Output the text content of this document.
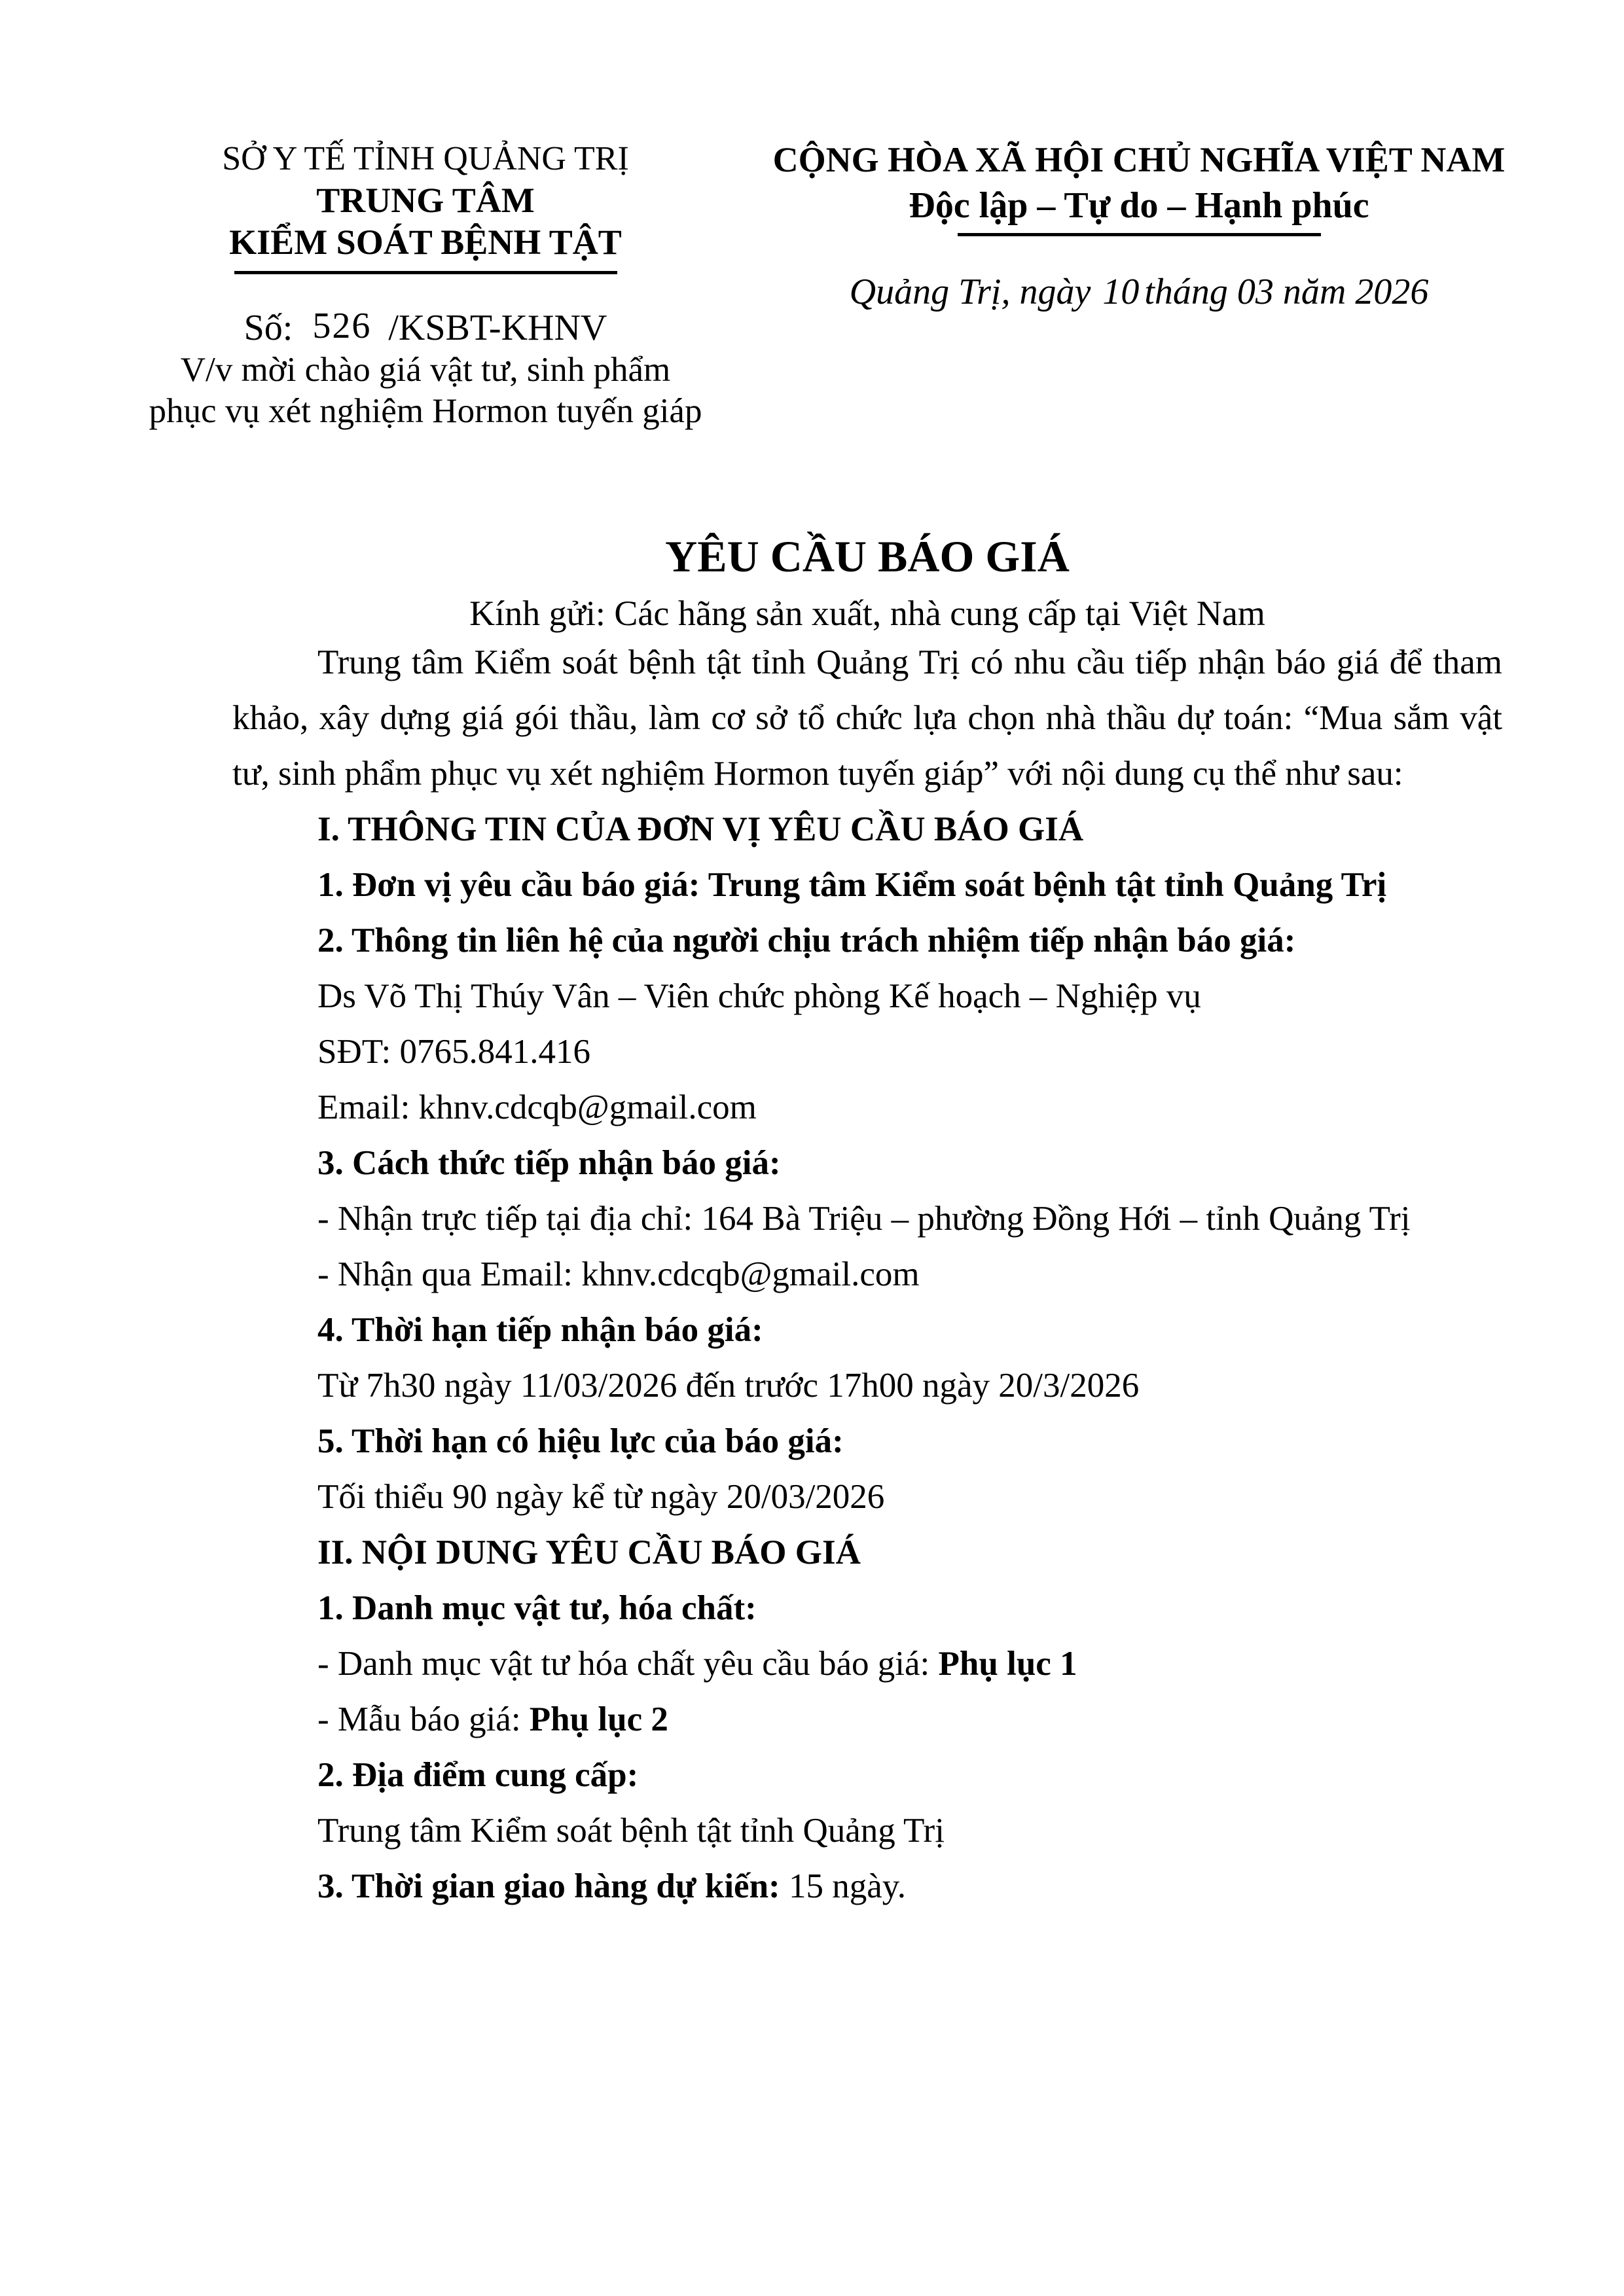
SỞ Y TẾ TỈNH QUẢNG TRỊ
TRUNG TÂM
KIỂM SOÁT BỆNH TẬT
Số: 526 /KSBT-KHNV
V/v mời chào giá vật tư, sinh phẩm
phục vụ xét nghiệm Hormon tuyến giáp
CỘNG HÒA XÃ HỘI CHỦ NGHĨA VIỆT NAM
Độc lập – Tự do – Hạnh phúc
Quảng Trị, ngày 10 tháng 03 năm 2026
YÊU CẦU BÁO GIÁ
Kính gửi: Các hãng sản xuất, nhà cung cấp tại Việt Nam

Trung tâm Kiểm soát bệnh tật tỉnh Quảng Trị có nhu cầu tiếp nhận báo giá để tham khảo, xây dựng giá gói thầu, làm cơ sở tổ chức lựa chọn nhà thầu dự toán: “Mua sắm vật tư, sinh phẩm phục vụ xét nghiệm Hormon tuyến giáp” với nội dung cụ thể như sau:

I. THÔNG TIN CỦA ĐƠN VỊ YÊU CẦU BÁO GIÁ

1. Đơn vị yêu cầu báo giá: Trung tâm Kiểm soát bệnh tật tỉnh Quảng Trị

2. Thông tin liên hệ của người chịu trách nhiệm tiếp nhận báo giá:

Ds Võ Thị Thúy Vân – Viên chức phòng Kế hoạch – Nghiệp vụ

SĐT: 0765.841.416

Email: khnv.cdcqb@gmail.com

3. Cách thức tiếp nhận báo giá:

- Nhận trực tiếp tại địa chỉ: 164 Bà Triệu – phường Đồng Hới – tỉnh Quảng Trị

- Nhận qua Email: khnv.cdcqb@gmail.com

4. Thời hạn tiếp nhận báo giá:

Từ 7h30 ngày 11/03/2026 đến trước 17h00 ngày 20/3/2026

5. Thời hạn có hiệu lực của báo giá:

Tối thiểu 90 ngày kể từ ngày 20/03/2026

II. NỘI DUNG YÊU CẦU BÁO GIÁ

1. Danh mục vật tư, hóa chất:

- Danh mục vật tư hóa chất yêu cầu báo giá: Phụ lục 1

- Mẫu báo giá: Phụ lục 2

2. Địa điểm cung cấp:

Trung tâm Kiểm soát bệnh tật tỉnh Quảng Trị

3. Thời gian giao hàng dự kiến: 15 ngày.
